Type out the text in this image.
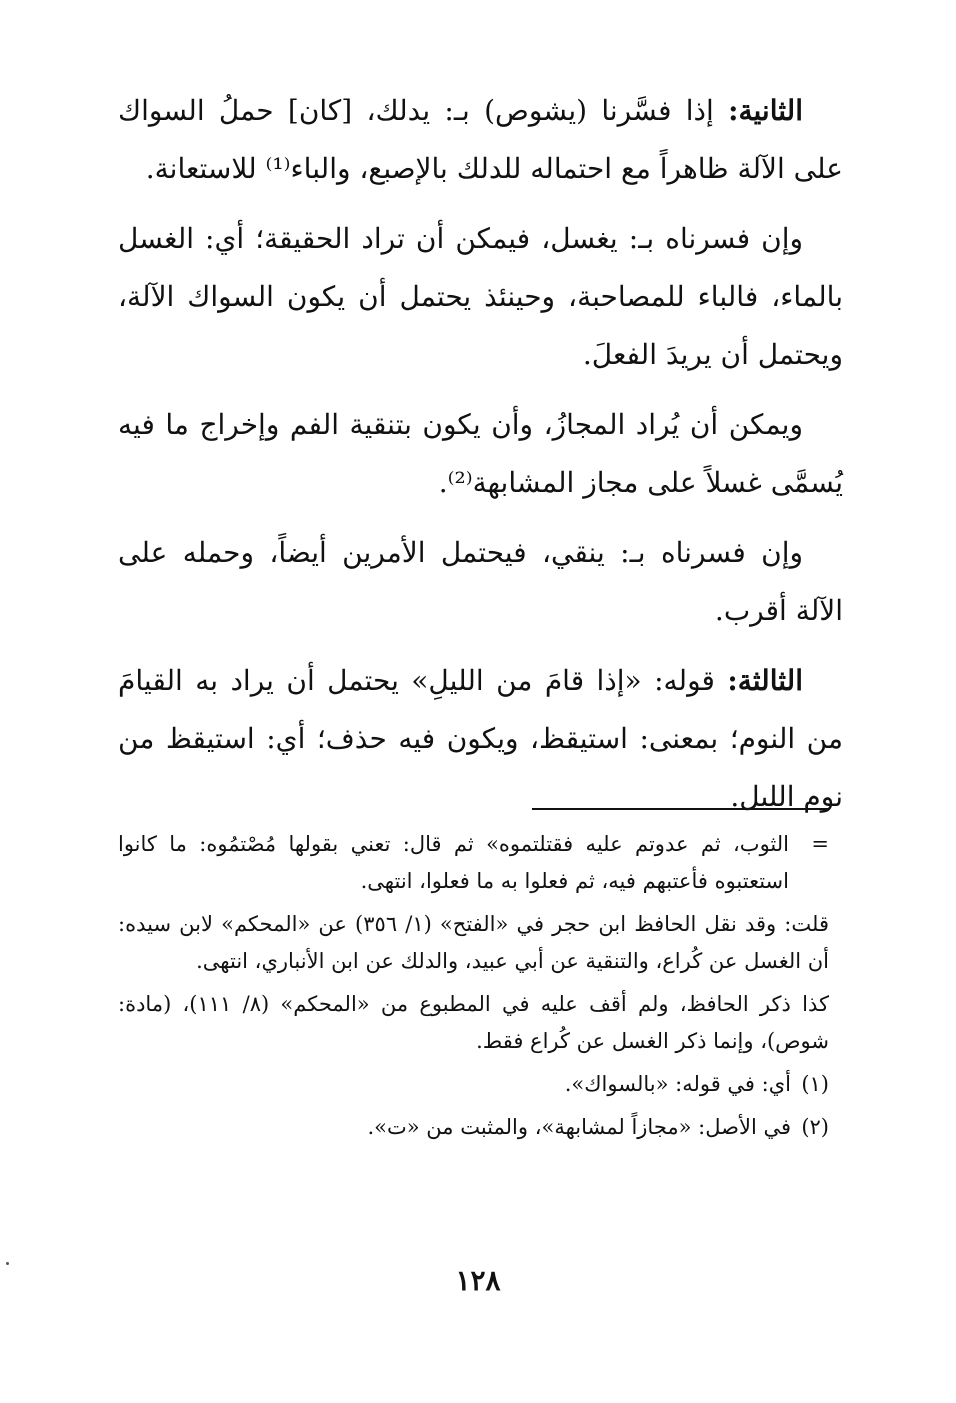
الثانية: إذا فسَّرنا (يشوص) بـ: يدلك، [كان] حملُ السواك على الآلة ظاهراً مع احتماله للدلك بالإصبع، والباء⁽¹⁾ للاستعانة.

وإن فسرناه بـ: يغسل، فيمكن أن تراد الحقيقة؛ أي: الغسل بالماء، فالباء للمصاحبة، وحينئذ يحتمل أن يكون السواك الآلة، ويحتمل أن يريدَ الفعلَ.

ويمكن أن يُراد المجازُ، وأن يكون بتنقية الفم وإخراج ما فيه يُسمَّى غسلاً على مجاز المشابهة⁽²⁾.

وإن فسرناه بـ: ينقي، فيحتمل الأمرين أيضاً، وحمله على الآلة أقرب.

الثالثة: قوله: «إذا قامَ من الليلِ» يحتمل أن يراد به القيامَ من النوم؛ بمعنى: استيقظ، ويكون فيه حذف؛ أي: استيقظ من نوم الليل.

=
الثوب، ثم عدوتم عليه فقتلتموه» ثم قال: تعني بقولها مُصْتمُوه: ما كانوا استعتبوه فأعتبهم فيه، ثم فعلوا به ما فعلوا، انتهى.

قلت: وقد نقل الحافظ ابن حجر في «الفتح» (١/ ٣٥٦) عن «المحكم» لابن سيده: أن الغسل عن كُراع، والتنقية عن أبي عبيد، والدلك عن ابن الأنباري، انتهى.

كذا ذكر الحافظ، ولم أقف عليه في المطبوع من «المحكم» (٨/ ١١١)، (مادة: شوص)، وإنما ذكر الغسل عن كُراع فقط.

(١)
أي: في قوله: «بالسواك».

(٢)
في الأصل: «مجازاً لمشابهة»، والمثبت من «ت».

١٢٨
